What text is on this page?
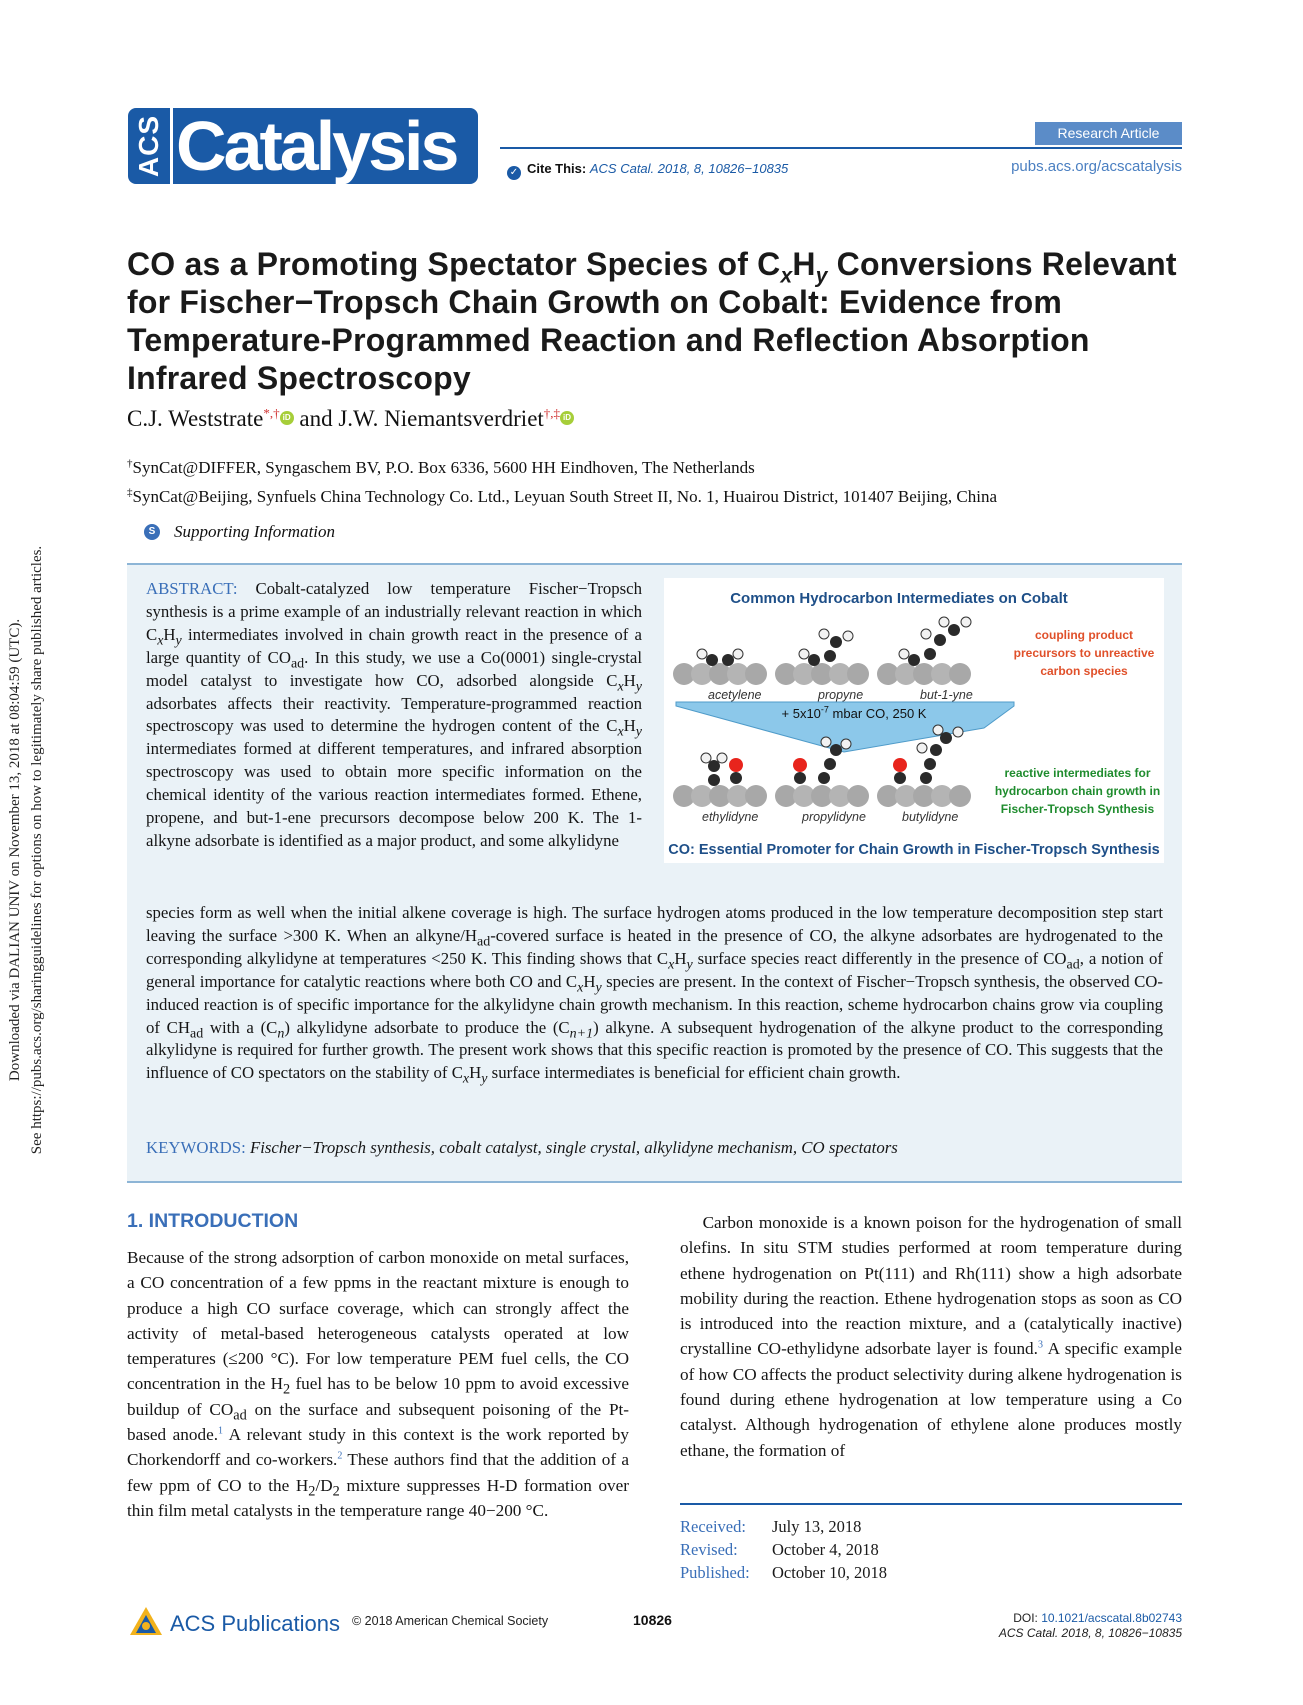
Downloaded via DALIAN UNIV on November 13, 2018 at 08:04:59 (UTC). See https://pubs.acs.org/sharingguidelines for options on how to legitimately share published articles.
ACS Catalysis	Research Article
✓ Cite This: ACS Catal. 2018, 8, 10826−10835	pubs.acs.org/acscatalysis
CO as a Promoting Spectator Species of $C_xH_y$ Conversions Relevant for Fischer−Tropsch Chain Growth on Cobalt: Evidence from Temperature-Programmed Reaction and Reflection Absorption Infrared Spectroscopy
C.J. Weststrate*,† iD and J.W. Niemantsverdriet†,‡ iD
†SynCat@DIFFER, Syngaschem BV, P.O. Box 6336, 5600 HH Eindhoven, The Netherlands
‡SynCat@Beijing, Synfuels China Technology Co. Ltd., Leyuan South Street II, No. 1, Huairou District, 101407 Beijing, China
S Supporting Information
ABSTRACT: Cobalt-catalyzed low temperature Fischer−Tropsch synthesis is a prime example of an industrially relevant reaction in which $C_xH_y$ intermediates involved in chain growth react in the presence of a large quantity of $CO_{ad}$. In this study, we use a Co(0001) single-crystal model catalyst to investigate how CO, adsorbed alongside $C_xH_y$ adsorbates affects their reactivity. Temperature-programmed reaction spectroscopy was used to determine the hydrogen content of the $C_xH_y$ intermediates formed at different temperatures, and infrared absorption spectroscopy was used to obtain more specific information on the chemical identity of the various reaction intermediates formed. Ethene, propene, and but-1-ene precursors decompose below 200 K. The 1-alkyne adsorbate is identified as a major product, and some alkylidyne
species form as well when the initial alkene coverage is high. The surface hydrogen atoms produced in the low temperature decomposition step start leaving the surface >300 K. When an alkyne/$H_{ad}$-covered surface is heated in the presence of CO, the alkyne adsorbates are hydrogenated to the corresponding alkylidyne at temperatures <250 K. This finding shows that $C_xH_y$ surface species react differently in the presence of $CO_{ad}$, a notion of general importance for catalytic reactions where both CO and $C_xH_y$ species are present. In the context of Fischer−Tropsch synthesis, the observed CO-induced reaction is of specific importance for the alkylidyne chain growth mechanism. In this reaction, scheme hydrocarbon chains grow via coupling of $CH_{ad}$ with a $(C_n)$ alkylidyne adsorbate to produce the $(C_{n+1})$ alkyne. A subsequent hydrogenation of the alkyne product to the corresponding alkylidyne is required for further growth. The present work shows that this specific reaction is promoted by the presence of CO. This suggests that the influence of CO spectators on the stability of $C_xH_y$ surface intermediates is beneficial for efficient chain growth.
KEYWORDS: Fischer−Tropsch synthesis, cobalt catalyst, single crystal, alkylidyne mechanism, CO spectators
Common Hydrocarbon Intermediates on Cobalt
acetylene	propyne	but-1-yne
+ $5x10^{-7}$ mbar CO, 250 K
ethylidyne	propylidyne	butylidyne
coupling product precursors to unreactive carbon species
reactive intermediates for hydrocarbon chain growth in Fischer-Tropsch Synthesis
CO: Essential Promoter for Chain Growth in Fischer-Tropsch Synthesis
1. INTRODUCTION
Because of the strong adsorption of carbon monoxide on metal surfaces, a CO concentration of a few ppms in the reactant mixture is enough to produce a high CO surface coverage, which can strongly affect the activity of metal-based heterogeneous catalysts operated at low temperatures (≤200 °C). For low temperature PEM fuel cells, the CO concentration in the $H_2$ fuel has to be below 10 ppm to avoid excessive buildup of $CO_{ad}$ on the surface and subsequent poisoning of the Pt-based anode.$^1$ A relevant study in this context is the work reported by Chorkendorff and co-workers.$^2$ These authors find that the addition of a few ppm of CO to the $H_2/D_2$ mixture suppresses H-D formation over thin film metal catalysts in the temperature range 40−200 °C.
Carbon monoxide is a known poison for the hydrogenation of small olefins. In situ STM studies performed at room temperature during ethene hydrogenation on Pt(111) and Rh(111) show a high adsorbate mobility during the reaction. Ethene hydrogenation stops as soon as CO is introduced into the reaction mixture, and a (catalytically inactive) crystalline CO-ethylidyne adsorbate layer is found.$^3$ A specific example of how CO affects the product selectivity during alkene hydrogenation is found during ethene hydrogenation at low temperature using a Co catalyst. Although hydrogenation of ethylene alone produces mostly ethane, the formation of
Received: July 13, 2018
Revised: October 4, 2018
Published: October 10, 2018
ACS Publications © 2018 American Chemical Society	10826	DOI: 10.1021/acscatal.8b02743
ACS Catal. 2018, 8, 10826−10835
